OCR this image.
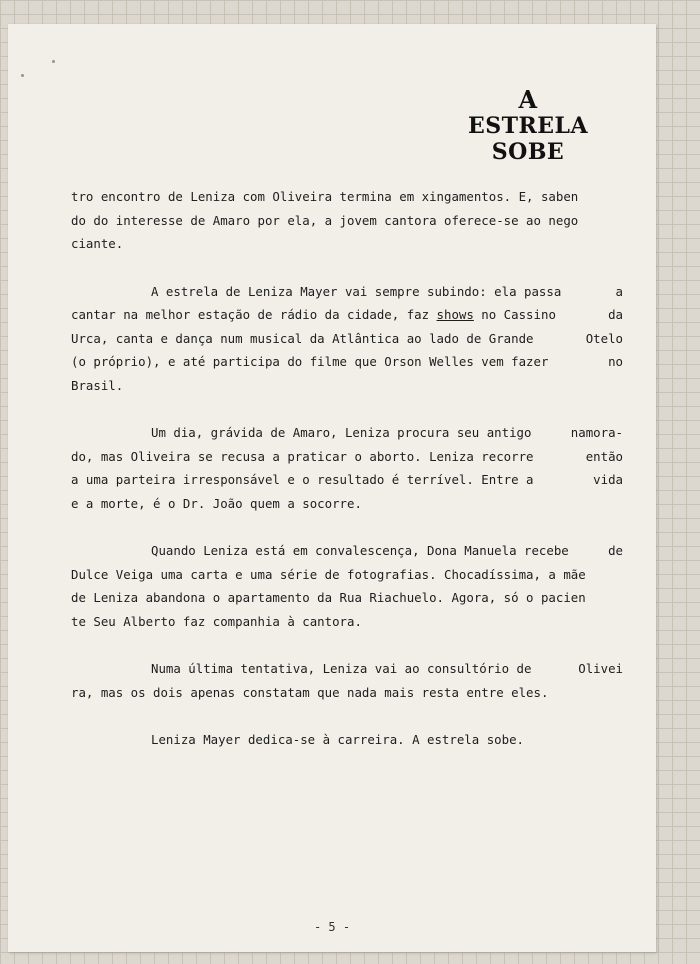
A
ESTRELA
SOBE
tro encontro de Leniza com Oliveira termina em xingamentos. E, saben
do do interesse de Amaro por ela, a jovem cantora oferece-se ao nego
ciante.
A estrela de Leniza Mayer vai sempre subindo: ela passa	a
cantar na melhor estação de rádio da cidade, faz shows no Cassino	da
Urca, canta e dança num musical da Atlântica ao lado de Grande	Otelo
(o próprio), e até participa do filme que Orson Welles vem fazer	no
Brasil.
Um dia, grávida de Amaro, Leniza procura seu antigo	namora-
do, mas Oliveira se recusa a praticar o aborto. Leniza recorre	então
a uma parteira irresponsável e o resultado é terrível. Entre a	vida
e a morte, é o Dr. João quem a socorre.
Quando Leniza está em convalescença, Dona Manuela recebe	de
Dulce Veiga uma carta e uma série de fotografias. Chocadíssima, a mãe
de Leniza abandona o apartamento da Rua Riachuelo. Agora, só o pacien
te Seu Alberto faz companhia à cantora.
Numa última tentativa, Leniza vai ao consultório de	Olivei
ra, mas os dois apenas constatam que nada mais resta entre eles.
Leniza Mayer dedica-se à carreira. A estrela sobe.
- 5 -
